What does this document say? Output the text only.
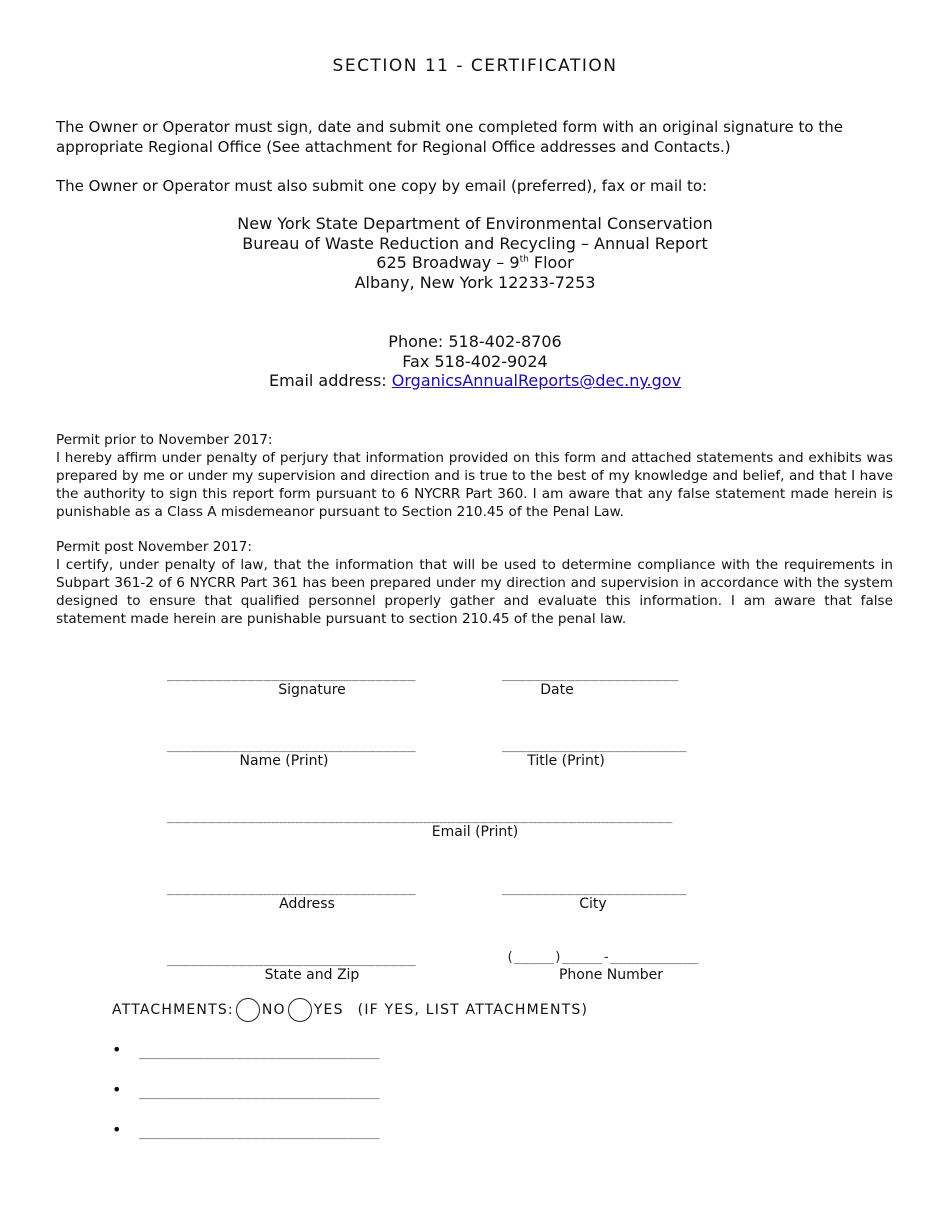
SECTION 11 - CERTIFICATION
The Owner or Operator must sign, date and submit one completed form with an original signature to the appropriate Regional Office (See attachment for Regional Office addresses and Contacts.)
The Owner or Operator must also submit one copy by email (preferred), fax or mail to:
New York State Department of Environmental Conservation
Bureau of Waste Reduction and Recycling – Annual Report
625 Broadway – 9th Floor
Albany, New York 12233-7253
Phone: 518-402-8706
Fax 518-402-9024
Email address: OrganicsAnnualReports@dec.ny.gov
Permit prior to November 2017:
I hereby affirm under penalty of perjury that information provided on this form and attached statements and exhibits was prepared by me or under my supervision and direction and is true to the best of my knowledge and belief, and that I have the authority to sign this report form pursuant to 6 NYCRR Part 360. I am aware that any false statement made herein is punishable as a Class A misdemeanor pursuant to Section 210.45 of the Penal Law.
Permit post November 2017:
I certify, under penalty of law, that the information that will be used to determine compliance with the requirements in Subpart 361-2 of 6 NYCRR Part 361 has been prepared under my direction and supervision in accordance with the system designed to ensure that qualified personnel properly gather and evaluate this information. I am aware that false statement made herein are punishable pursuant to section 210.45 of the penal law.
_______________________________
Signature
______________________
Date
_______________________________
Name (Print)
_______________________
Title (Print)
_______________________________________________________________
Email (Print)
_______________________________
Address
_______________________
City
_______________________________
State and Zip
(_____)_____-___________
Phone Number
ATTACHMENTS: NO YES (IF YES, LIST ATTACHMENTS)
• ______________________________
• ______________________________
• ______________________________
